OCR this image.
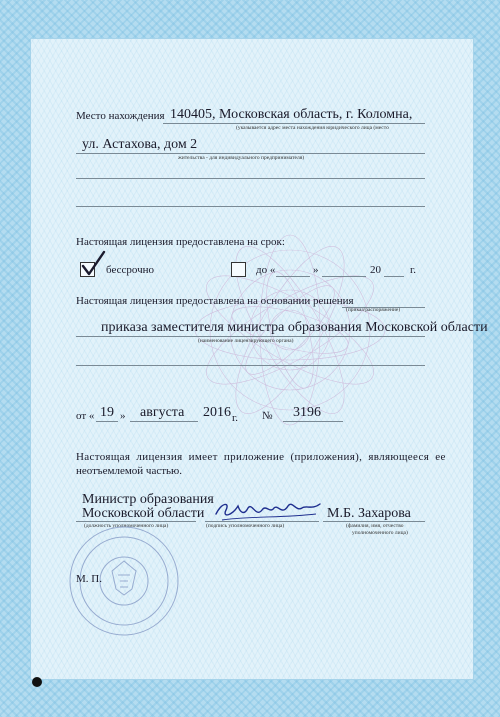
Место нахождения 140405, Московская область, г. Коломна,
(указывается адрес места нахождения юридического лица (место
ул. Астахова, дом 2
жительства - для индивидуального предпринимателя)
Настоящая лицензия предоставлена на срок:
бессрочно	до «	»	20	г.
Настоящая лицензия предоставлена на основании решения
(приказ/распоряжение)
приказа заместителя министра образования Московской области
(наименование лицензирующего органа)
от « 19 » августа 2016 г. № 3196
Настоящая лицензия имеет приложение (приложения), являющееся ее
неотъемлемой частью.
Министр образования
Московской области
(должность уполномоченного лица)	(подпись уполномоченного лица)
М.Б. Захарова
(фамилия, имя, отчество
уполномоченного лица)
М. П.
